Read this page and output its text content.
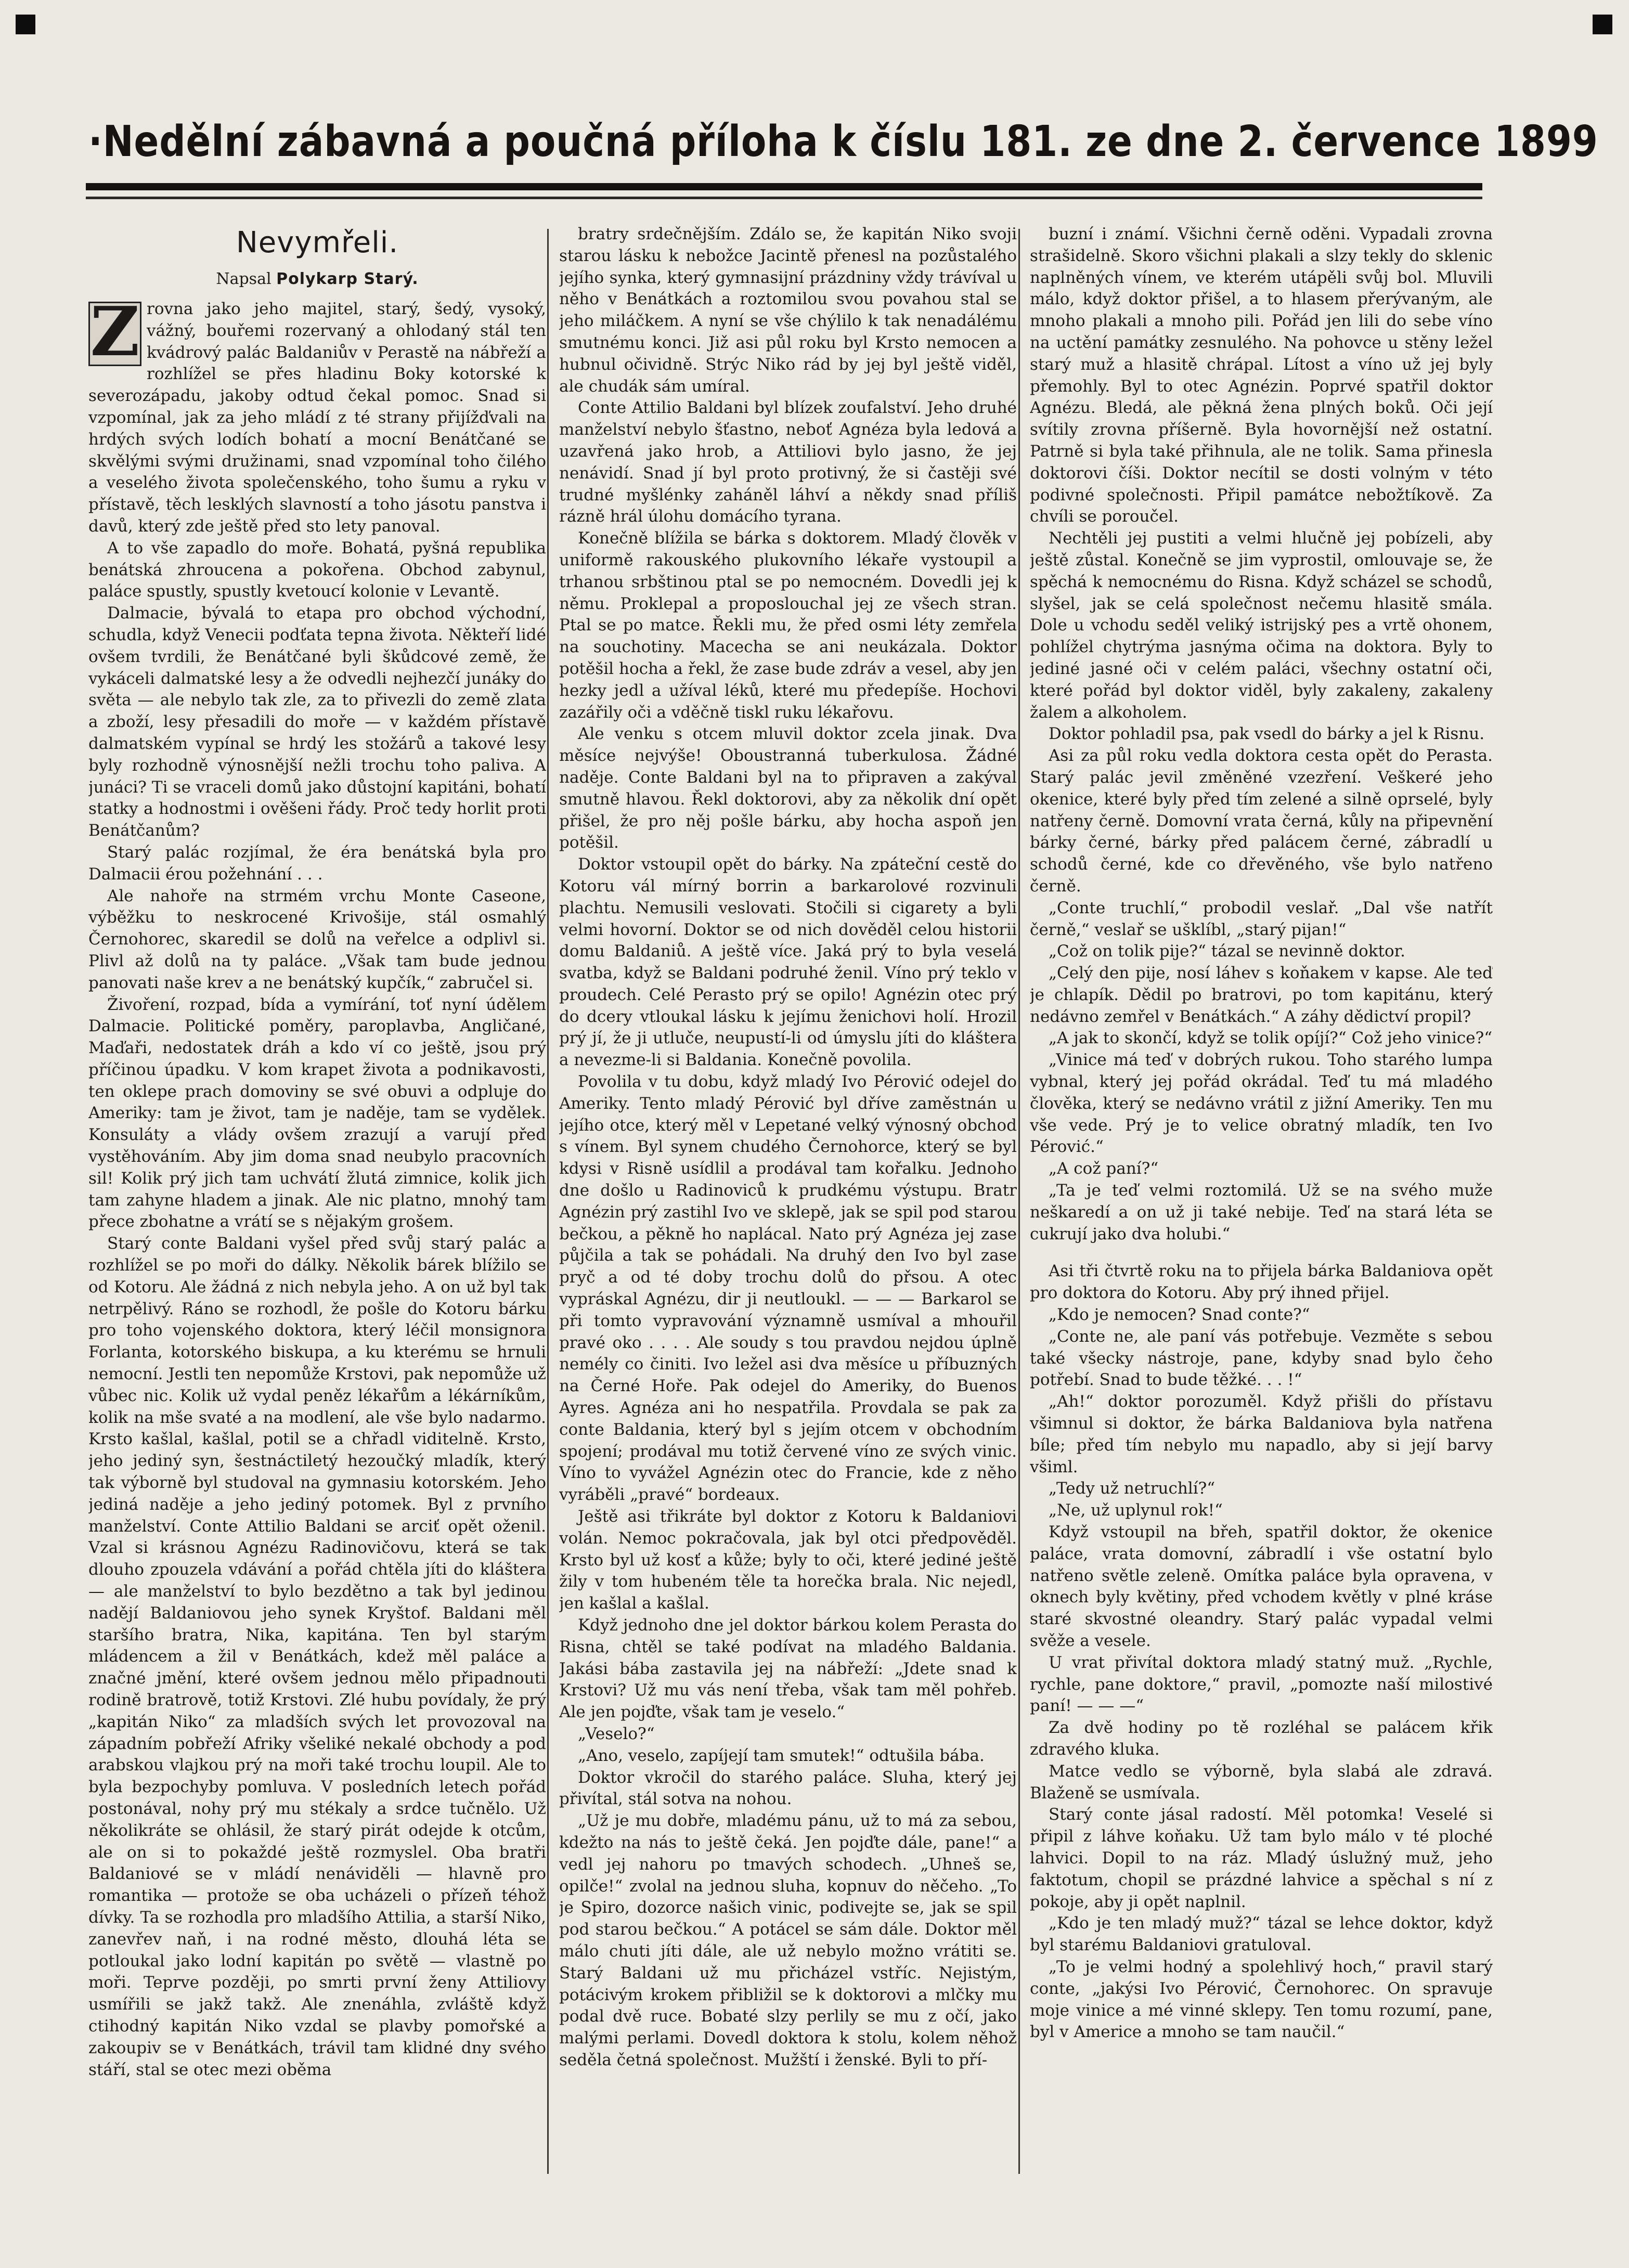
·Nedělní zábavná a poučná příloha k číslu 181. ze dne 2. července 1899
Nevymřeli.
Napsal Polykarp Starý.
Z rovna jako jeho majitel, starý, šedý, vysoký, vážný, bouřemi rozervaný a ohlodaný stál ten kvádrový palác Baldaniův v Perastě na nábřeží a rozhlížel se přes hladinu Boky kotorské k severozápadu, jakoby odtud čekal pomoc. Snad si vzpomínal, jak za jeho mládí z té strany přijížďvali na hrdých svých lodích bohatí a mocní Benátčané se skvělými svými družinami, snad vzpomínal toho čilého a veselého života společenského, toho šumu a ryku v přístavě, těch lesklých slavností a toho jásotu panstva i davů, který zde ještě před sto lety panoval.

A to vše zapadlo do moře. Bohatá, pyšná republika benátská zhroucena a pokořena. Obchod zabynul, paláce spustly, spustly kvetoucí kolonie v Levantě.

Dalmacie, bývalá to etapa pro obchod východní, schudla, když Venecii podťata tepna života. Někteří lidé ovšem tvrdili, že Benátčané byli škůdcové země, že vykáceli dalmatské lesy a že odvedli nejhezčí junáky do světa — ale nebylo tak zle, za to přivezli do země zlata a zboží, lesy přesadili do moře — v každém přístavě dalmatském vypínal se hrdý les stožárů a takové lesy byly rozhodně výnosnější nežli trochu toho paliva. A junáci? Ti se vraceli domů jako důstojní kapitáni, bohatí statky a hodnostmi i ověšeni řády. Proč tedy horlit proti Benátčanům?

Starý palác rozjímal, že éra benátská byla pro Dalmacii érou požehnání . . .

Ale nahoře na strmém vrchu Monte Caseone, výběžku to neskrocené Krivošije, stál osmahlý Černohorec, skaredil se dolů na veřelce a odplivl si. Plivl až dolů na ty paláce. „Však tam bude jednou panovati naše krev a ne benátský kupčík,“ zabručel si.

Živoření, rozpad, bída a vymírání, toť nyní údělem Dalmacie. Politické poměry, paroplavba, Angličané, Maďaři, nedostatek dráh a kdo ví co ještě, jsou prý příčinou úpadku. V kom krapet života a podnikavosti, ten oklepe prach domoviny se své obuvi a odpluje do Ameriky: tam je život, tam je naděje, tam se vydělek. Konsuláty a vlády ovšem zrazují a varují před vystěhováním. Aby jim doma snad neubylo pracovních sil! Kolik prý jich tam uchvátí žlutá zimnice, kolik jich tam zahyne hladem a jinak. Ale nic platno, mnohý tam přece zbohatne a vrátí se s nějakým grošem.

Starý conte Baldani vyšel před svůj starý palác a rozhlížel se po moři do dálky. Několik bárek blížilo se od Kotoru. Ale žádná z nich nebyla jeho. A on už byl tak netrpělivý. Ráno se rozhodl, že pošle do Kotoru bárku pro toho vojenského doktora, který léčil monsignora Forlanta, kotorského biskupa, a ku kterému se hrnuli nemocní. Jestli ten nepomůže Krstovi, pak nepomůže už vůbec nic. Kolik už vydal peněz lékařům a lékárníkům, kolik na mše svaté a na modlení, ale vše bylo nadarmo. Krsto kašlal, kašlal, potil se a chřadl viditelně. Krsto, jeho jediný syn, šestnáctiletý hezoučký mladík, který tak výborně byl studoval na gymnasiu kotorském. Jeho jediná naděje a jeho jediný potomek. Byl z prvního manželství. Conte Attilio Baldani se arciť opět oženil. Vzal si krásnou Agnézu Radinovičovu, která se tak dlouho zpouzela vdávání a pořád chtěla jíti do kláštera — ale manželství to bylo bezdětno a tak byl jedinou nadějí Baldaniovou jeho synek Kryštof. Baldani měl staršího bratra, Nika, kapitána. Ten byl starým mládencem a žil v Benátkách, kdež měl paláce a značné jmění, které ovšem jednou mělo připadnouti rodině bratrově, totiž Krstovi. Zlé hubu povídaly, že prý „kapitán Niko“ za mladších svých let provozoval na západním pobřeží Afriky všeliké nekalé obchody a pod arabskou vlajkou prý na moři také trochu loupil. Ale to byla bezpochyby pomluva. V posledních letech pořád postonával, nohy prý mu stékaly a srdce tučnělo. Už několikráte se ohlásil, že starý pirát odejde k otcům, ale on si to pokaždé ještě rozmyslel. Oba bratři Baldaniové se v mládí nenáviděli — hlavně pro romantika — protože se oba ucházeli o přízeň téhož dívky. Ta se rozhodla pro mladšího Attilia, a starší Niko, zanevřev naň, i na rodné město, dlouhá léta se potloukal jako lodní kapitán po světě — vlastně po moři. Teprve později, po smrti první ženy Attiliovy usmířili se jakž takž. Ale znenáhla, zvláště když ctihodný kapitán Niko vzdal se plavby pomořské a zakoupiv se v Benátkách, trávil tam klidné dny svého stáří, stal se otec mezi oběma

bratry srdečnějším. Zdálo se, že kapitán Niko svoji starou lásku k nebožce Jacintě přenesl na pozůstalého jejího synka, který gymnasijní prázdniny vždy trávíval u něho v Benátkách a roztomilou svou povahou stal se jeho miláčkem. A nyní se vše chýlilo k tak nenadálému smutnému konci. Již asi půl roku byl Krsto nemocen a hubnul očividně. Strýc Niko rád by jej byl ještě viděl, ale chudák sám umíral.

Conte Attilio Baldani byl blízek zoufalství. Jeho druhé manželství nebylo šťastno, neboť Agnéza byla ledová a uzavřená jako hrob, a Attiliovi bylo jasno, že jej nenávidí. Snad jí byl proto protivný, že si častěji své trudné myšlénky zaháněl láhví a někdy snad příliš rázně hrál úlohu domácího tyrana.

Konečně blížila se bárka s doktorem. Mladý člověk v uniformě rakouského plukovního lékaře vystoupil a trhanou srbštinou ptal se po nemocném. Dovedli jej k němu. Proklepal a proposlouchal jej ze všech stran. Ptal se po matce. Řekli mu, že před osmi léty zemřela na souchotiny. Macecha se ani neukázala. Doktor potěšil hocha a řekl, že zase bude zdráv a vesel, aby jen hezky jedl a užíval léků, které mu předepíše. Hochovi zazářily oči a vděčně tiskl ruku lékařovu.

Ale venku s otcem mluvil doktor zcela jinak. Dva měsíce nejvýše! Oboustranná tuberkulosa. Žádné naděje. Conte Baldani byl na to připraven a zakýval smutně hlavou. Řekl doktorovi, aby za několik dní opět přišel, že pro něj pošle bárku, aby hocha aspoň jen potěšil.

Doktor vstoupil opět do bárky. Na zpáteční cestě do Kotoru vál mírný borrin a barkarolové rozvinuli plachtu. Nemusili veslovati. Stočili si cigarety a byli velmi hovorní. Doktor se od nich dověděl celou historii domu Baldaniů. A ještě více. Jaká prý to byla veselá svatba, když se Baldani podruhé ženil. Víno prý teklo v proudech. Celé Perasto prý se opilo! Agnézin otec prý do dcery vtloukal lásku k jejímu ženichovi holí. Hrozil prý jí, že ji utluče, neupustí-li od úmyslu jíti do kláštera a nevezme-li si Baldania. Konečně povolila.

Povolila v tu dobu, když mladý Ivo Pérović odejel do Ameriky. Tento mladý Pérović byl dříve zaměstnán u jejího otce, který měl v Lepetané velký výnosný obchod s vínem. Byl synem chudého Černohorce, který se byl kdysi v Risně usídlil a prodával tam kořalku. Jednoho dne došlo u Radinoviců k prudkému výstupu. Bratr Agnézin prý zastihl Ivo ve sklepě, jak se spil pod starou bečkou, a pěkně ho naplácal. Nato prý Agnéza jej zase půjčila a tak se pohádali. Na druhý den Ivo byl zase pryč a od té doby trochu dolů do přsou. A otec vypráskal Agnézu, dir ji neutloukl. — — — Barkarol se při tomto vypravování významně usmíval a mhouřil pravé oko . . . . Ale soudy s tou pravdou nejdou úplně nemély co činiti. Ivo ležel asi dva měsíce u příbuzných na Černé Hoře. Pak odejel do Ameriky, do Buenos Ayres. Agnéza ani ho nespatřila. Provdala se pak za conte Baldania, který byl s jejím otcem v obchodním spojení; prodával mu totiž červené víno ze svých vinic. Víno to vyvážel Agnézin otec do Francie, kde z něho vyráběli „pravé“ bordeaux.

Ještě asi třikráte byl doktor z Kotoru k Baldaniovi volán. Nemoc pokračovala, jak byl otci předpověděl. Krsto byl už kosť a kůže; byly to oči, které jediné ještě žily v tom hubeném těle ta horečka brala. Nic nejedl, jen kašlal a kašlal.

Když jednoho dne jel doktor bárkou kolem Perasta do Risna, chtěl se také podívat na mladého Baldania. Jakási bába zastavila jej na nábřeží: „Jdete snad k Krstovi? Už mu vás není třeba, však tam měl pohřeb. Ale jen pojďte, však tam je veselo.“

„Veselo?“

„Ano, veselo, zapíjejí tam smutek!“ odtušila bába.

Doktor vkročil do starého paláce. Sluha, který jej přivítal, stál sotva na nohou.

„Už je mu dobře, mladému pánu, už to má za sebou, kdežto na nás to ještě čeká. Jen pojďte dále, pane!“ a vedl jej nahoru po tmavých schodech. „Uhneš se, opilče!“ zvolal na jednou sluha, kopnuv do něčeho. „To je Spiro, dozorce našich vinic, podivejte se, jak se spil pod starou bečkou.“ A potácel se sám dále. Doktor měl málo chuti jíti dále, ale už nebylo možno vrátiti se. Starý Baldani už mu přicházel vstříc. Nejistým, potácivým krokem přibližil se k doktorovi a mlčky mu podal dvě ruce. Bobaté slzy perlily se mu z očí, jako malými perlami. Dovedl doktora k stolu, kolem něhož seděla četná společnost. Mužští i ženské. Byli to pří-

buzní i známí. Všichni černě oděni. Vypadali zrovna strašidelně. Skoro všichni plakali a slzy tekly do sklenic naplněných vínem, ve kterém utápěli svůj bol. Mluvili málo, když doktor přišel, a to hlasem přerývaným, ale mnoho plakali a mnoho pili. Pořád jen lili do sebe víno na uctění památky zesnulého. Na pohovce u stěny ležel starý muž a hlasitě chrápal. Lítost a víno už jej byly přemohly. Byl to otec Agnézin. Poprvé spatřil doktor Agnézu. Bledá, ale pěkná žena plných boků. Oči její svítily zrovna příšerně. Byla hovornější než ostatní. Patrně si byla také přihnula, ale ne tolik. Sama přinesla doktorovi číši. Doktor necítil se dosti volným v této podivné společnosti. Připil památce nebožtíkově. Za chvíli se poroučel.

Nechtěli jej pustiti a velmi hlučně jej pobízeli, aby ještě zůstal. Konečně se jim vyprostil, omlouvaje se, že spěchá k nemocnému do Risna. Když scházel se schodů, slyšel, jak se celá společnost nečemu hlasitě smála. Dole u vchodu seděl veliký istrijský pes a vrtě ohonem, pohlížel chytrýma jasnýma očima na doktora. Byly to jediné jasné oči v celém paláci, všechny ostatní oči, které pořád byl doktor viděl, byly zakaleny, zakaleny žalem a alkoholem.

Doktor pohladil psa, pak vsedl do bárky a jel k Risnu.

Asi za půl roku vedla doktora cesta opět do Perasta. Starý palác jevil změněné vzezření. Veškeré jeho okenice, které byly před tím zelené a silně oprselé, byly natřeny černě. Domovní vrata černá, kůly na připevnění bárky černé, bárky před palácem černé, zábradlí u schodů černé, kde co dřevěného, vše bylo natřeno černě.

„Conte truchlí,“ probodil veslař. „Dal vše natřít černě,“ veslař se ušklíbl, „starý pijan!“

„Což on tolik pije?“ tázal se nevinně doktor.

„Celý den pije, nosí láhev s koňakem v kapse. Ale teď je chlapík. Dědil po bratrovi, po tom kapitánu, který nedávno zemřel v Benátkách.“ A záhy dědictví propil?

„A jak to skončí, když se tolik opíjí?“ Což jeho vinice?“

„Vinice má teď v dobrých rukou. Toho starého lumpa vybnal, který jej pořád okrádal. Teď tu má mladého člověka, který se nedávno vrátil z jižní Ameriky. Ten mu vše vede. Prý je to velice obratný mladík, ten Ivo Pérović.“

„A což paní?“

„Ta je teď velmi roztomilá. Už se na svého muže neškaredí a on už ji také nebije. Teď na stará léta se cukrují jako dva holubi.“

Asi tři čtvrtě roku na to přijela bárka Baldaniova opět pro doktora do Kotoru. Aby prý ihned přijel.

„Kdo je nemocen? Snad conte?“

„Conte ne, ale paní vás potřebuje. Vezměte s sebou také všecky nástroje, pane, kdyby snad bylo čeho potřebí. Snad to bude těžké. . . !“

„Ah!“ doktor porozuměl. Když přišli do přístavu všimnul si doktor, že bárka Baldaniova byla natřena bíle; před tím nebylo mu napadlo, aby si její barvy všiml.

„Tedy už netruchlí?“

„Ne, už uplynul rok!“

Když vstoupil na břeh, spatřil doktor, že okenice paláce, vrata domovní, zábradlí i vše ostatní bylo natřeno světle zeleně. Omítka paláce byla opravena, v oknech byly květiny, před vchodem květly v plné kráse staré skvostné oleandry. Starý palác vypadal velmi svěže a vesele.

U vrat přivítal doktora mladý statný muž. „Rychle, rychle, pane doktore,“ pravil, „pomozte naší milostivé paní! — — —“

Za dvě hodiny po tě rozléhal se palácem křik zdravého kluka.

Matce vedlo se výborně, byla slabá ale zdravá. Blaženě se usmívala.

Starý conte jásal radostí. Měl potomka! Veselé si připil z láhve koňaku. Už tam bylo málo v té ploché lahvici. Dopil to na ráz. Mladý úslužný muž, jeho faktotum, chopil se prázdné lahvice a spěchal s ní z pokoje, aby ji opět naplnil.

„Kdo je ten mladý muž?“ tázal se lehce doktor, když byl starému Baldaniovi gratuloval.

„To je velmi hodný a spolehlivý hoch,“ pravil starý conte, „jakýsi Ivo Pérović, Černohorec. On spravuje moje vinice a mé vinné sklepy. Ten tomu rozumí, pane, byl v Americe a mnoho se tam naučil.“
